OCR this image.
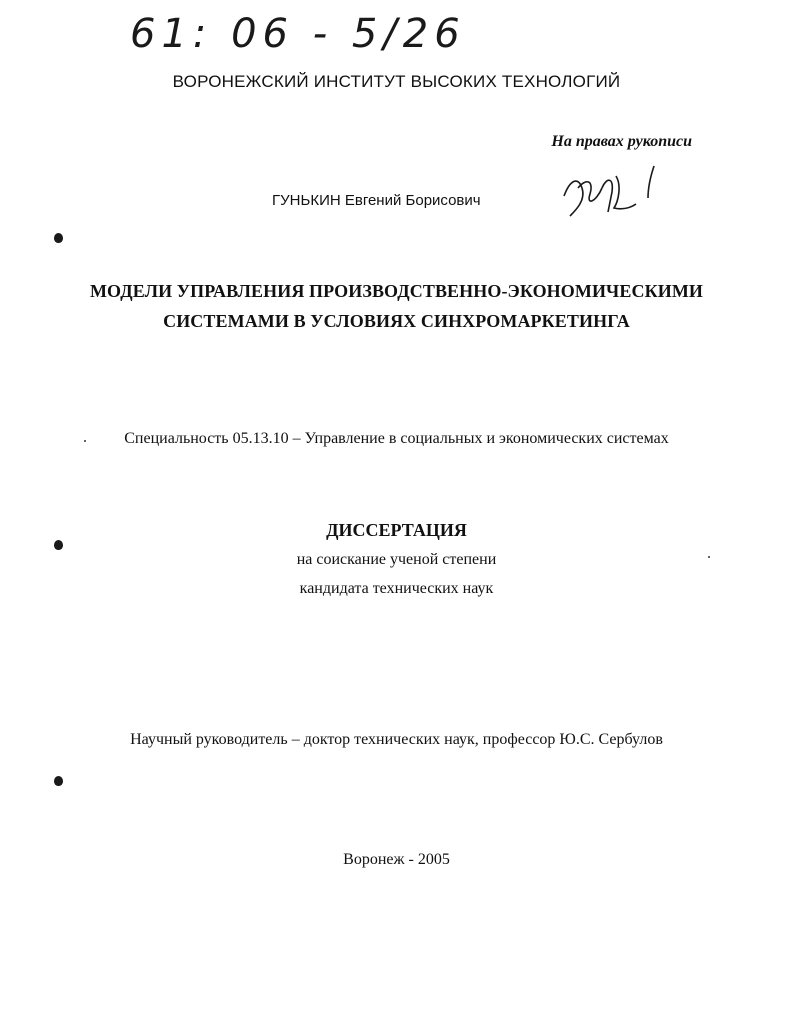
61: 06 - 5/26
ВОРОНЕЖСКИЙ ИНСТИТУТ ВЫСОКИХ ТЕХНОЛОГИЙ
На правах рукописи
ГУНЬКИН Евгений Борисович
МОДЕЛИ УПРАВЛЕНИЯ ПРОИЗВОДСТВЕННО-ЭКОНОМИЧЕСКИМИ
СИСТЕМАМИ В УСЛОВИЯХ СИНХРОМАРКЕТИНГА
Специальность 05.13.10 – Управление в социальных и экономических системах
ДИССЕРТАЦИЯ
на соискание ученой степени
кандидата технических наук
Научный руководитель – доктор технических наук, профессор Ю.С. Сербулов
Воронеж - 2005
